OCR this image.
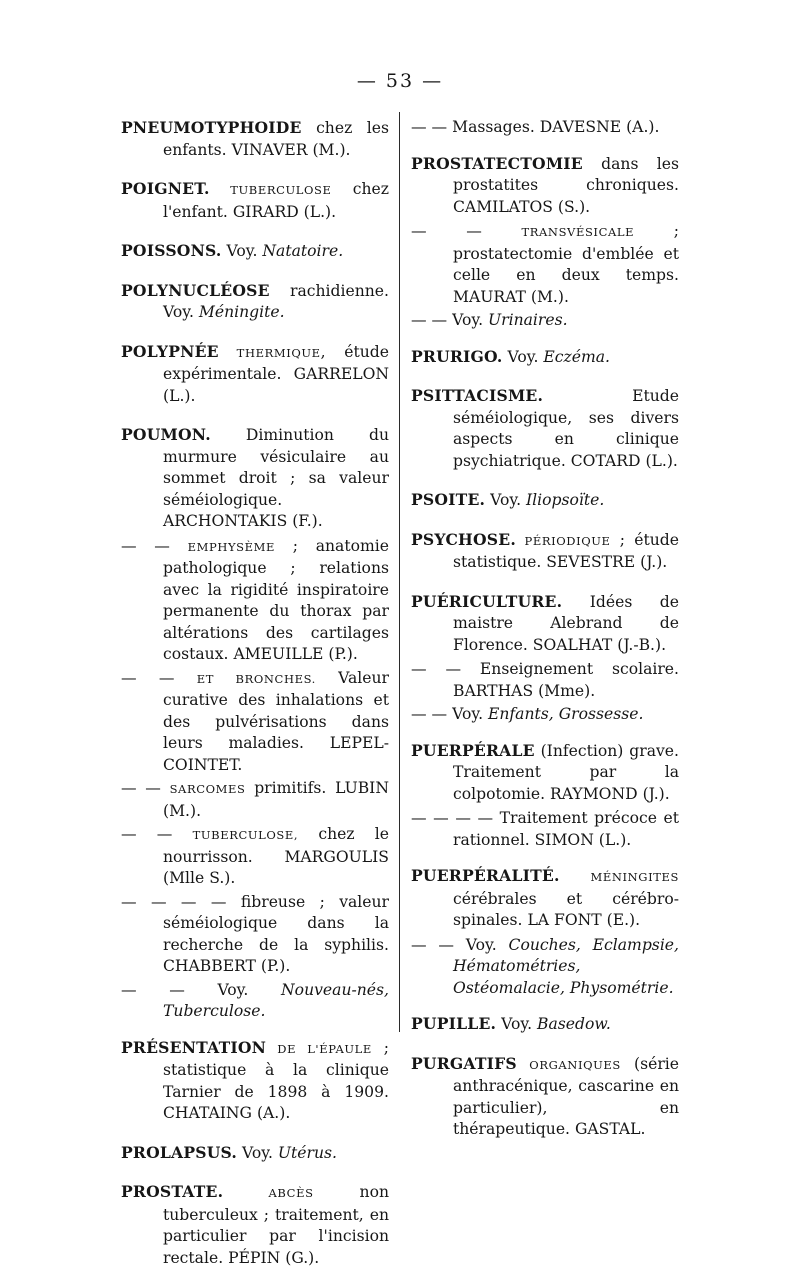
— 53 —

PNEUMOTYPHOIDE chez les enfants. VINAVER (M.).

POIGNET. TUBERCULOSE chez l'enfant. GIRARD (L.).

POISSONS. Voy. Natatoire.

POLYNUCLÉOSE rachidienne. Voy. Méningite.

POLYPNÉE THERMIQUE, étude expérimentale. GARRELON (L.).

POUMON. Diminution du murmure vésiculaire au sommet droit ; sa valeur séméiologique. ARCHONTAKIS (F.).

— — EMPHYSÈME ; anatomie pathologique ; relations avec la rigidité inspiratoire permanente du thorax par altérations des cartilages costaux. AMEUILLE (P.).

— — ET BRONCHES. Valeur curative des inhalations et des pulvérisations dans leurs maladies. LEPEL-COINTET.

— — SARCOMES primitifs. LUBIN (M.).

— — TUBERCULOSE, chez le nourrisson. MARGOULIS (Mlle S.).

— — — — fibreuse ; valeur séméiologique dans la recherche de la syphilis. CHABBERT (P.).

— — Voy. Nouveau-nés, Tuberculose.

PRÉSENTATION DE L'ÉPAULE ; statistique à la clinique Tarnier de 1898 à 1909. CHATAING (A.).

PROLAPSUS. Voy. Utérus.

PROSTATE. ABCÈS non tuberculeux ; traitement, en particulier par l'incision rectale. PÉPIN (G.).

— — Massages. DAVESNE (A.).

PROSTATECTOMIE dans les prostatites chroniques. CAMILATOS (S.).

— — TRANSVÉSICALE ; prostatectomie d'emblée et celle en deux temps. MAURAT (M.).

— — Voy. Urinaires.

PRURIGO. Voy. Eczéma.

PSITTACISME. Etude séméiologique, ses divers aspects en clinique psychiatrique. COTARD (L.).

PSOITE. Voy. Iliopsoïte.

PSYCHOSE. PÉRIODIQUE ; étude statistique. SEVESTRE (J.).

PUÉRICULTURE. Idées de maistre Alebrand de Florence. SOALHAT (J.-B.).

— — Enseignement scolaire. BARTHAS (Mme).

— — Voy. Enfants, Grossesse.

PUERPÉRALE (Infection) grave. Traitement par la colpotomie. RAYMOND (J.).

— — — — Traitement précoce et rationnel. SIMON (L.).

PUERPÉRALITÉ. MÉNINGITES cérébrales et cérébro-spinales. LA FONT (E.).

— — Voy. Couches, Eclampsie, Hématométries, Ostéomalacie, Physométrie.

PUPILLE. Voy. Basedow.

PURGATIFS ORGANIQUES (série anthracénique, cascarine en particulier), en thérapeutique. GASTAL.
